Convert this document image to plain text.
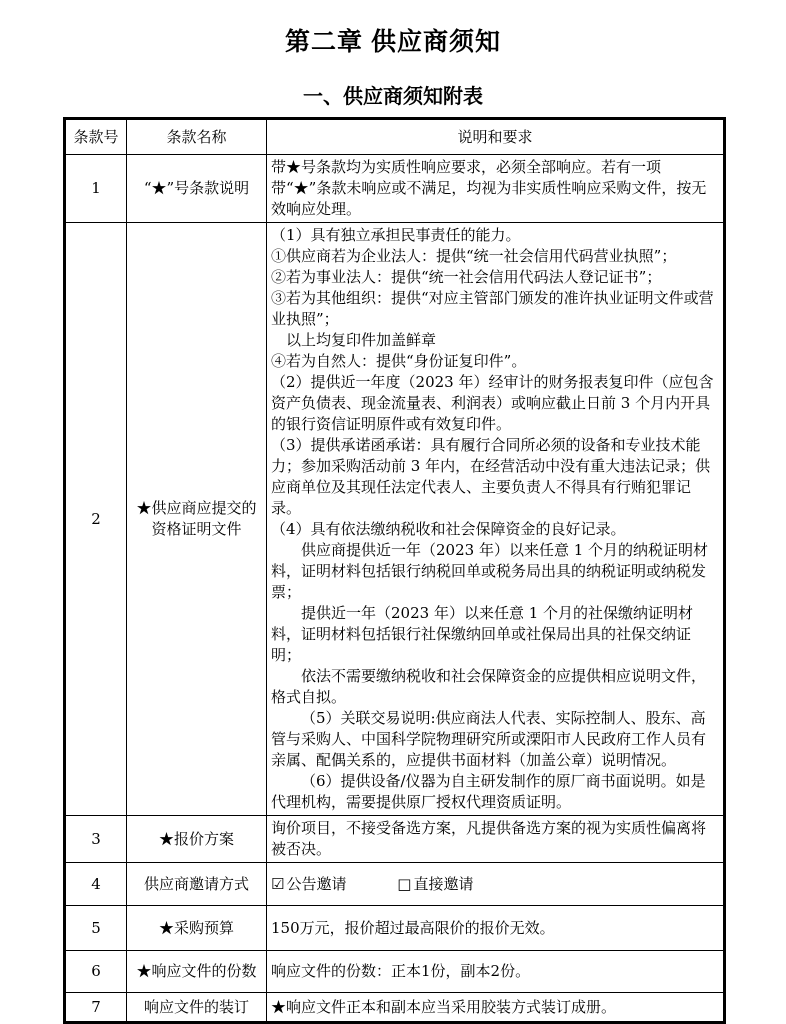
第二章 供应商须知
一、供应商须知附表
条款号	条款名称	说明和要求
1	“★”号条款说明	带★号条款均为实质性响应要求，必须全部响应。若有一项带“★”条款未响应或不满足，均视为非实质性响应采购文件，按无效响应处理。
2	★供应商应提交的资格证明文件	

（1）具有独立承担民事责任的能力。

①供应商若为企业法人：提供“统一社会信用代码营业执照”；

②若为事业法人：提供“统一社会信用代码法人登记证书”；

③若为其他组织：提供“对应主管部门颁发的准许执业证明文件或营业执照”；

以上均复印件加盖鲜章

④若为自然人：提供“身份证复印件”。

（2）提供近一年度（2023 年）经审计的财务报表复印件（应包含资产负债表、现金流量表、利润表）或响应截止日前 3 个月内开具的银行资信证明原件或有效复印件。

（3）提供承诺函承诺：具有履行合同所必须的设备和专业技术能力；参加采购活动前 3 年内，在经营活动中没有重大违法记录；供应商单位及其现任法定代表人、主要负责人不得具有行贿犯罪记录。

（4）具有依法缴纳税收和社会保障资金的良好记录。

供应商提供近一年（2023 年）以来任意 1 个月的纳税证明材料，证明材料包括银行纳税回单或税务局出具的纳税证明或纳税发票；

提供近一年（2023 年）以来任意 1 个月的社保缴纳证明材料，证明材料包括银行社保缴纳回单或社保局出具的社保交纳证明；

依法不需要缴纳税收和社会保障资金的应提供相应说明文件，格式自拟。

（5）关联交易说明:供应商法人代表、实际控制人、股东、高管与采购人、中国科学院物理研究所或溧阳市人民政府工作人员有亲属、配偶关系的，应提供书面材料（加盖公章）说明情况。

（6）提供设备/仪器为自主研发制作的原厂商书面说明。如是代理机构，需要提供原厂授权代理资质证明。

3	★报价方案	询价项目，不接受备选方案，凡提供备选方案的视为实质性偏离将被否决。
4	供应商邀请方式	☑ 公告邀请 □ 直接邀请
5	★采购预算	150万元，报价超过最高限价的报价无效。
6	★响应文件的份数	响应文件的份数：正本1份，副本2份。
7	响应文件的装订	★响应文件正本和副本应当采用胶装方式装订成册。
